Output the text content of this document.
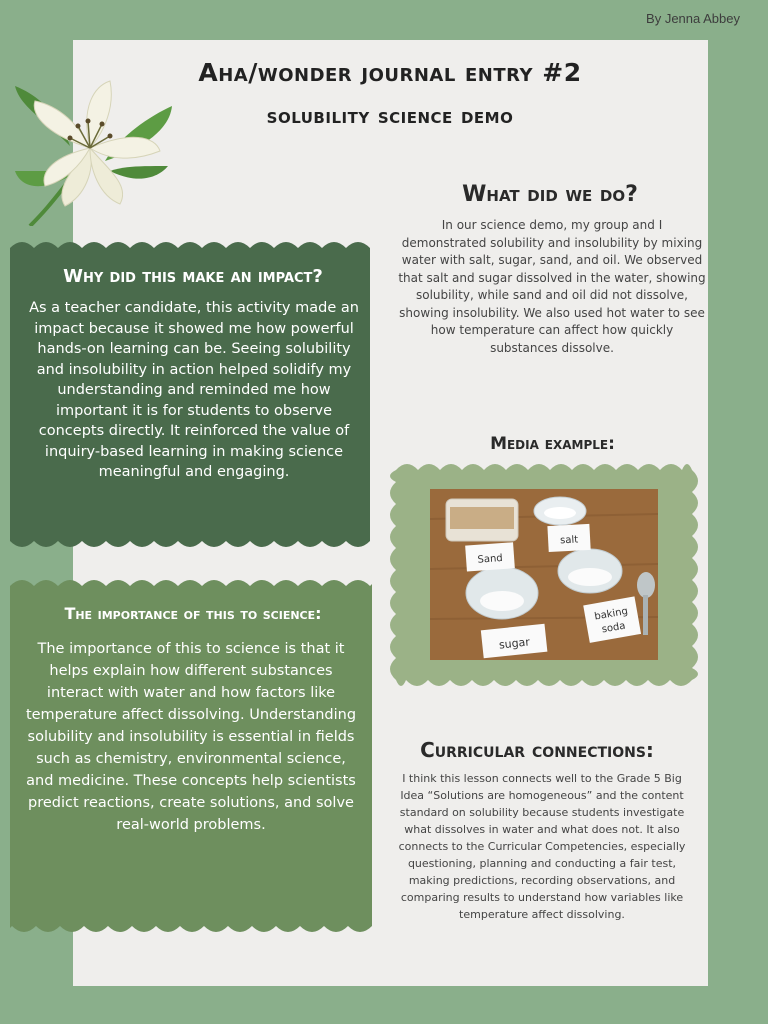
By Jenna Abbey
Aha/wonder journal entry #2
solubility science demo
What did we do?
In our science demo, my group and I demonstrated solubility and insolubility by mixing water with salt, sugar, sand, and oil. We observed that salt and sugar dissolved in the water, showing solubility, while sand and oil did not dissolve, showing insolubility. We also used hot water to see how temperature can affect how quickly substances dissolve.
Why did this make an impact?
As a teacher candidate, this activity made an impact because it showed me how powerful hands-on learning can be. Seeing solubility and insolubility in action helped solidify my understanding and reminded me how important it is for students to observe concepts directly. It reinforced the value of inquiry-based learning in making science meaningful and engaging.
Media example:
Sand
salt
sugar
baking
soda
The importance of this to science:
The importance of this to science is that it helps explain how different substances interact with water and how factors like temperature affect dissolving. Understanding solubility and insolubility is essential in fields such as chemistry, environmental science, and medicine. These concepts help scientists predict reactions, create solutions, and solve real-world problems.
Curricular connections:
I think this lesson connects well to the Grade 5 Big Idea “Solutions are homogeneous” and the content standard on solubility because students investigate what dissolves in water and what does not. It also connects to the Curricular Competencies, especially questioning, planning and conducting a fair test, making predictions, recording observations, and comparing results to understand how variables like temperature affect dissolving.
